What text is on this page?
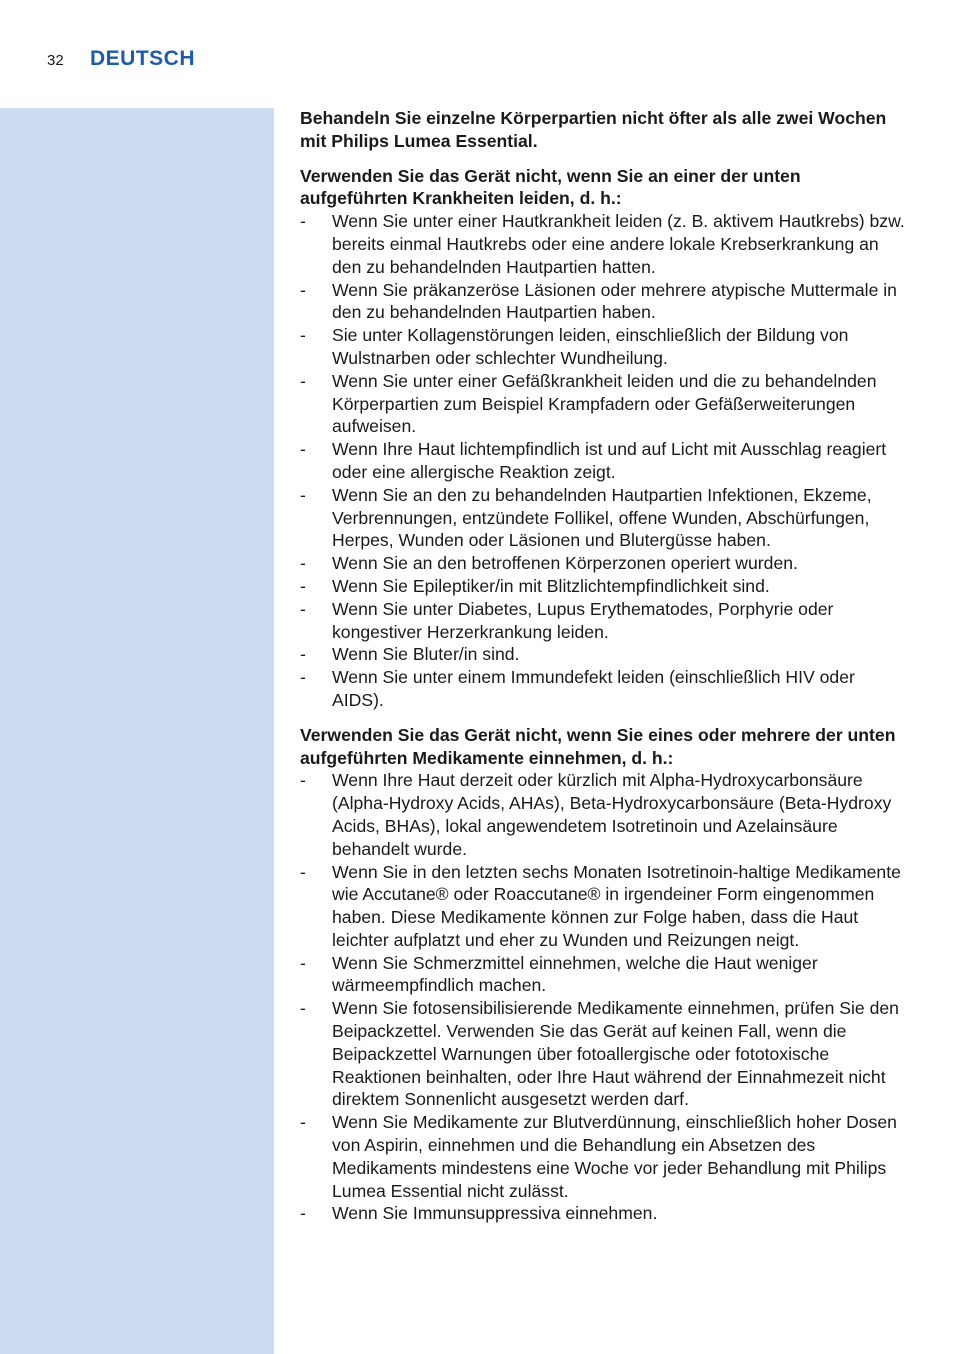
32 DEUTSCH

Behandeln Sie einzelne Körperpartien nicht öfter als alle zwei Wochen mit Philips Lumea Essential.

Verwenden Sie das Gerät nicht, wenn Sie an einer der unten aufgeführten Krankheiten leiden, d. h.:

- Wenn Sie unter einer Hautkrankheit leiden (z. B. aktivem Hautkrebs) bzw. bereits einmal Hautkrebs oder eine andere lokale Krebserkrankung an den zu behandelnden Hautpartien hatten.
- Wenn Sie präkanzeröse Läsionen oder mehrere atypische Muttermale in den zu behandelnden Hautpartien haben.
- Sie unter Kollagenstörungen leiden, einschließlich der Bildung von Wulstnarben oder schlechter Wundheilung.
- Wenn Sie unter einer Gefäßkrankheit leiden und die zu behandelnden Körperpartien zum Beispiel Krampfadern oder Gefäßerweiterungen aufweisen.
- Wenn Ihre Haut lichtempfindlich ist und auf Licht mit Ausschlag reagiert oder eine allergische Reaktion zeigt.
- Wenn Sie an den zu behandelnden Hautpartien Infektionen, Ekzeme, Verbrennungen, entzündete Follikel, offene Wunden, Abschürfungen, Herpes, Wunden oder Läsionen und Blutergüsse haben.
- Wenn Sie an den betroffenen Körperzonen operiert wurden.
- Wenn Sie Epileptiker/in mit Blitzlichtempfindlichkeit sind.
- Wenn Sie unter Diabetes, Lupus Erythematodes, Porphyrie oder kongestiver Herzerkrankung leiden.
- Wenn Sie Bluter/in sind.
- Wenn Sie unter einem Immundefekt leiden (einschließlich HIV oder AIDS).

Verwenden Sie das Gerät nicht, wenn Sie eines oder mehrere der unten aufgeführten Medikamente einnehmen, d. h.:

- Wenn Ihre Haut derzeit oder kürzlich mit Alpha-Hydroxycarbonsäure (Alpha-Hydroxy Acids, AHAs), Beta-Hydroxycarbonsäure (Beta-Hydroxy Acids, BHAs), lokal angewendetem Isotretinoin und Azelainsäure behandelt wurde.
- Wenn Sie in den letzten sechs Monaten Isotretinoin-haltige Medikamente wie Accutane® oder Roaccutane® in irgendeiner Form eingenommen haben. Diese Medikamente können zur Folge haben, dass die Haut leichter aufplatzt und eher zu Wunden und Reizungen neigt.
- Wenn Sie Schmerzmittel einnehmen, welche die Haut weniger wärmeempfindlich machen.
- Wenn Sie fotosensibilisierende Medikamente einnehmen, prüfen Sie den Beipackzettel. Verwenden Sie das Gerät auf keinen Fall, wenn die Beipackzettel Warnungen über fotoallergische oder fototoxische Reaktionen beinhalten, oder Ihre Haut während der Einnahmezeit nicht direktem Sonnenlicht ausgesetzt werden darf.
- Wenn Sie Medikamente zur Blutverdünnung, einschließlich hoher Dosen von Aspirin, einnehmen und die Behandlung ein Absetzen des Medikaments mindestens eine Woche vor jeder Behandlung mit Philips Lumea Essential nicht zulässt.
- Wenn Sie Immunsuppressiva einnehmen.
